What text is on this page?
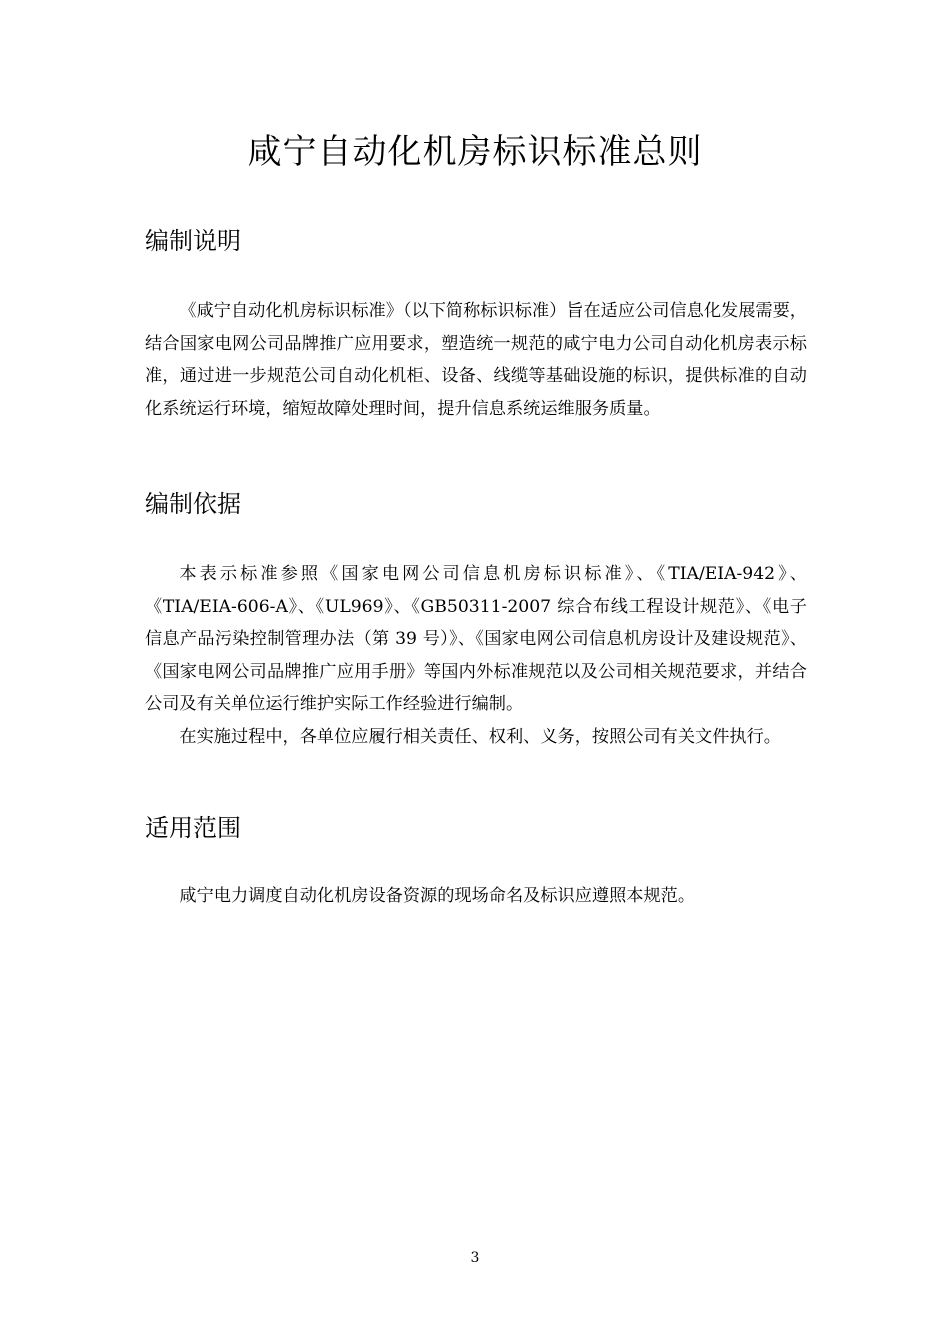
咸宁自动化机房标识标准总则
编制说明

《咸宁自动化机房标识标准》（以下简称标识标准）旨在适应公司信息化发展需要，结合国家电网公司品牌推广应用要求，塑造统一规范的咸宁电力公司自动化机房表示标准，通过进一步规范公司自动化机柜、设备、线缆等基础设施的标识，提供标准的自动化系统运行环境，缩短故障处理时间，提升信息系统运维服务质量。

编制依据

本表示标准参照《国家电网公司信息机房标识标准》、《TIA/EIA-942》、《TIA/EIA-606-A》、《UL969》、《GB50311-2007 综合布线工程设计规范》、《电子信息产品污染控制管理办法（第 39 号）》、《国家电网公司信息机房设计及建设规范》、《国家电网公司品牌推广应用手册》等国内外标准规范以及公司相关规范要求，并结合公司及有关单位运行维护实际工作经验进行编制。

在实施过程中，各单位应履行相关责任、权利、义务，按照公司有关文件执行。

适用范围

咸宁电力调度自动化机房设备资源的现场命名及标识应遵照本规范。

3
